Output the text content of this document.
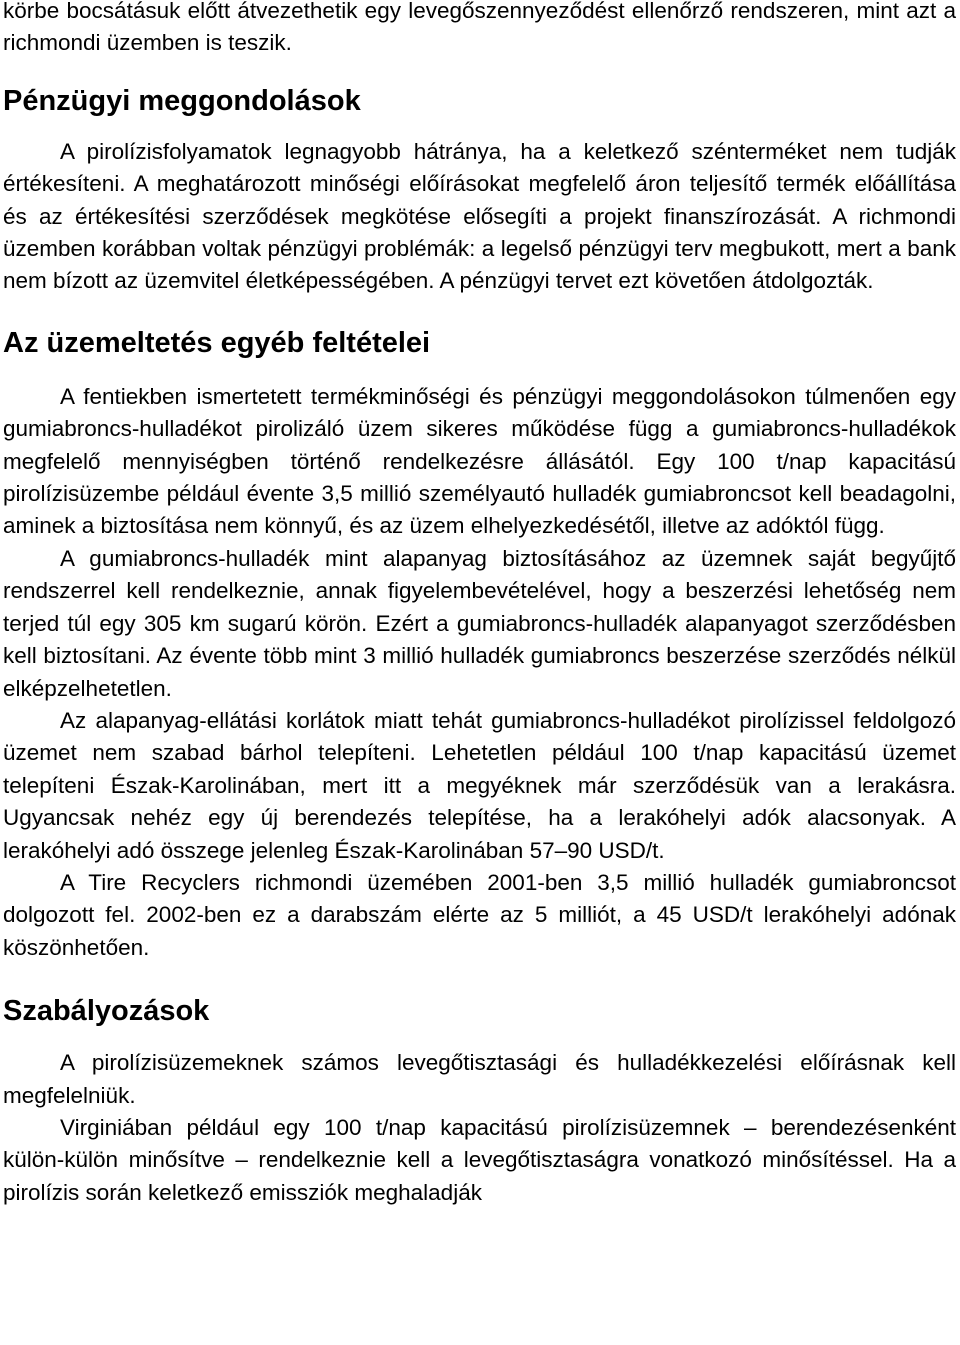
körbe bocsátásuk előtt átvezethetik egy levegőszennyeződést ellenőrző rendszeren, mint azt a richmondi üzemben is teszik.

Pénzügyi meggondolások

A pirolízisfolyamatok legnagyobb hátránya, ha a keletkező szénterméket nem tudják értékesíteni. A meghatározott minőségi előírásokat megfelelő áron teljesítő termék előállítása és az értékesítési szerződések megkötése elősegíti a projekt finanszírozását. A richmondi üzemben korábban voltak pénzügyi problémák: a legelső pénzügyi terv megbukott, mert a bank nem bízott az üzemvitel életképességében. A pénzügyi tervet ezt követően átdolgozták.

Az üzemeltetés egyéb feltételei

A fentiekben ismertetett termékminőségi és pénzügyi meggondolásokon túlmenően egy gumiabroncs-hulladékot pirolizáló üzem sikeres működése függ a gumiabroncs-hulladékok megfelelő mennyiségben történő rendelkezésre állásától. Egy 100 t/nap kapacitású pirolízisüzembe például évente 3,5 millió személyautó hulladék gumiabroncsot kell beadagolni, aminek a biztosítása nem könnyű, és az üzem elhelyezkedésétől, illetve az adóktól függ.

A gumiabroncs-hulladék mint alapanyag biztosításához az üzemnek saját begyűjtő rendszerrel kell rendelkeznie, annak figyelembevételével, hogy a beszerzési lehetőség nem terjed túl egy 305 km sugarú körön. Ezért a gumiabroncs-hulladék alapanyagot szerződésben kell biztosítani. Az évente több mint 3 millió hulladék gumiabroncs beszerzése szerződés nélkül elképzelhetetlen.

Az alapanyag-ellátási korlátok miatt tehát gumiabroncs-hulladékot pirolízissel feldolgozó üzemet nem szabad bárhol telepíteni. Lehetetlen például 100 t/nap kapacitású üzemet telepíteni Észak-Karolinában, mert itt a megyéknek már szerződésük van a lerakásra. Ugyancsak nehéz egy új berendezés telepítése, ha a lerakóhelyi adók alacsonyak. A lerakóhelyi adó összege jelenleg Észak-Karolinában 57–90 USD/t.

A Tire Recyclers richmondi üzemében 2001-ben 3,5 millió hulladék gumiabroncsot dolgozott fel. 2002-ben ez a darabszám elérte az 5 milliót, a 45 USD/t lerakóhelyi adónak köszönhetően.

Szabályozások

A pirolízisüzemeknek számos levegőtisztasági és hulladékkezelési előírásnak kell megfelelniük.

Virginiában például egy 100 t/nap kapacitású pirolízisüzemnek – berendezésenként külön-külön minősítve – rendelkeznie kell a levegőtisztaságra vonatkozó minősítéssel. Ha a pirolízis során keletkező emissziók meghaladják
